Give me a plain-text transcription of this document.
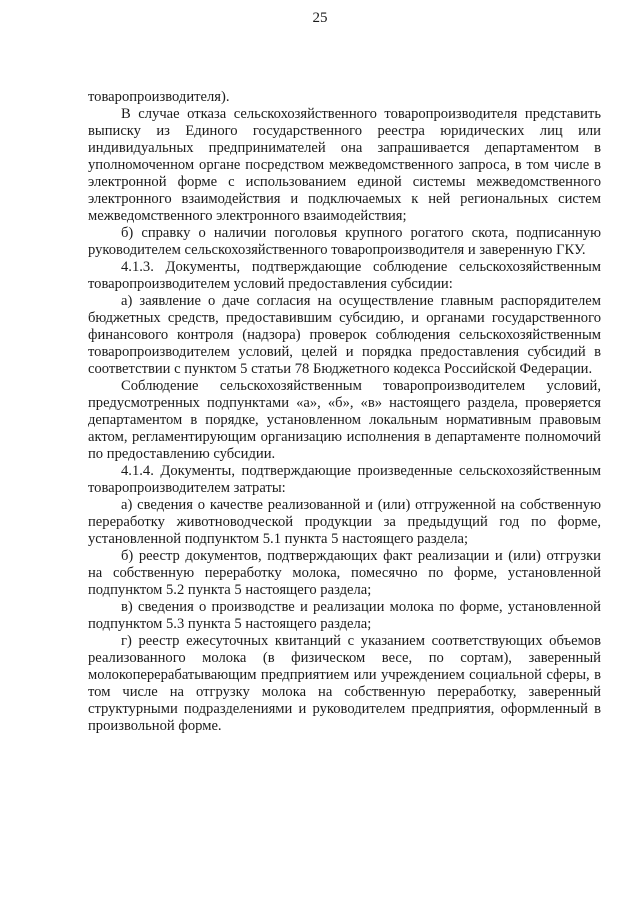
25

товаропроизводителя).

В случае отказа сельскохозяйственного товаропроизводителя представить выписку из Единого государственного реестра юридических лиц или индивидуальных предпринимателей она запрашивается департаментом в уполномоченном органе посредством межведомственного запроса, в том числе в электронной форме с использованием единой системы межведомственного электронного взаимодействия и подключаемых к ней региональных систем межведомственного электронного взаимодействия;

б) справку о наличии поголовья крупного рогатого скота, подписанную руководителем сельскохозяйственного товаропроизводителя и заверенную ГКУ.

4.1.3. Документы, подтверждающие соблюдение сельскохозяйственным товаропроизводителем условий предоставления субсидии:

а) заявление о даче согласия на осуществление главным распорядителем бюджетных средств, предоставившим субсидию, и органами государственного финансового контроля (надзора) проверок соблюдения сельскохозяйственным товаропроизводителем условий, целей и порядка предоставления субсидий в соответствии с пунктом 5 статьи 78 Бюджетного кодекса Российской Федерации.

Соблюдение сельскохозяйственным товаропроизводителем условий, предусмотренных подпунктами «а», «б», «в» настоящего раздела, проверяется департаментом в порядке, установленном локальным нормативным правовым актом, регламентирующим организацию исполнения в департаменте полномочий по предоставлению субсидии.

4.1.4. Документы, подтверждающие произведенные сельскохозяйственным товаропроизводителем затраты:

а) сведения о качестве реализованной и (или) отгруженной на собственную переработку животноводческой продукции за предыдущий год по форме, установленной подпунктом 5.1 пункта 5 настоящего раздела;

б) реестр документов, подтверждающих факт реализации и (или) отгрузки на собственную переработку молока, помесячно по форме, установленной подпунктом 5.2 пункта 5 настоящего раздела;

в) сведения о производстве и реализации молока по форме, установленной подпунктом 5.3 пункта 5 настоящего раздела;

г) реестр ежесуточных квитанций с указанием соответствующих объемов реализованного молока (в физическом весе, по сортам), заверенный молокоперерабатывающим предприятием или учреждением социальной сферы, в том числе на отгрузку молока на собственную переработку, заверенный структурными подразделениями и руководителем предприятия, оформленный в произвольной форме.
